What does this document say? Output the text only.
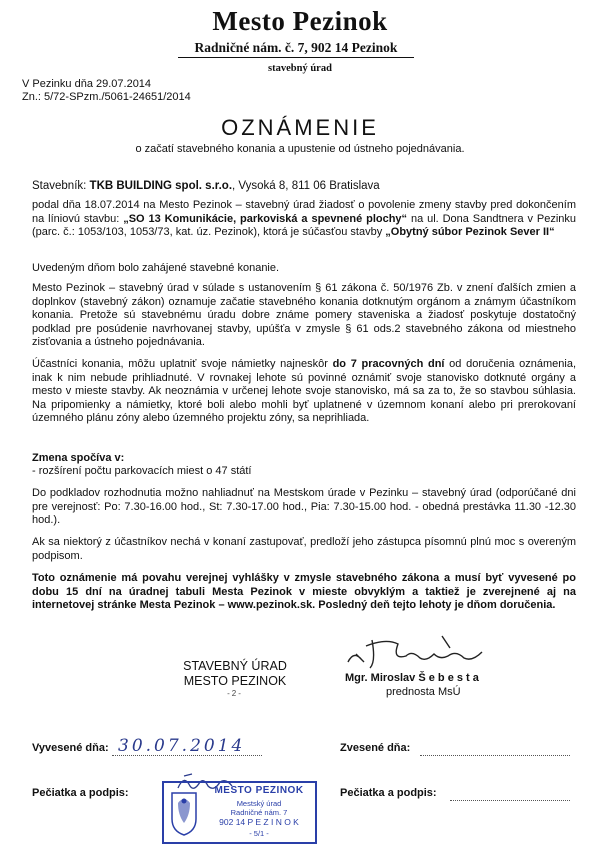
Mesto Pezinok
Radničné nám. č. 7, 902 14 Pezinok
stavebný úrad
V Pezinku dňa 29.07.2014
Zn.: 5/72-SPzm./5061-24651/2014
OZNÁMENIE
o začatí stavebného konania a upustenie od ústneho pojednávania.
Stavebník: TKB BUILDING spol. s.r.o., Vysoká 8, 811 06 Bratislava
podal dňa 18.07.2014 na Mesto Pezinok – stavebný úrad žiadosť o povolenie zmeny stavby pred dokončením na líniovú stavbu: „SO 13 Komunikácie, parkoviská a spevnené plochy“ na ul. Dona Sandtnera v Pezinku (parc. č.: 1053/103, 1053/73, kat. úz. Pezinok), ktorá je súčasťou stavby „Obytný súbor Pezinok Sever II“
Uvedeným dňom bolo zahájené stavebné konanie.
Mesto Pezinok – stavebný úrad v súlade s ustanovením § 61 zákona č. 50/1976 Zb. v znení ďalších zmien a doplnkov (stavebný zákon) oznamuje začatie stavebného konania dotknutým orgánom a známym účastníkom konania. Pretože sú stavebnému úradu dobre známe pomery staveniska a žiadosť poskytuje dostatočný podklad pre posúdenie navrhovanej stavby, upúšťa v zmysle § 61 ods.2 stavebného zákona od miestneho zisťovania a ústneho pojednávania.
Účastníci konania, môžu uplatniť svoje námietky najneskôr do 7 pracovných dní od doručenia oznámenia, inak k nim nebude prihliadnuté. V rovnakej lehote sú povinné oznámiť svoje stanovisko dotknuté orgány a mesto v mieste stavby. Ak neoznámia v určenej lehote svoje stanovisko, má sa za to, že so stavbou súhlasia. Na pripomienky a námietky, ktoré boli alebo mohli byť uplatnené v územnom konaní alebo pri prerokovaní územného plánu zóny alebo územného projektu zóny, sa neprihliada.
Zmena spočíva v:
- rozšírení počtu parkovacích miest o 47 státí
Do podkladov rozhodnutia možno nahliadnuť na Mestskom úrade v Pezinku – stavebný úrad (odporúčané dni pre verejnosť: Po: 7.30-16.00 hod., St: 7.30-17.00 hod., Pia: 7.30-15.00 hod. - obedná prestávka 11.30 -12.30 hod.).
Ak sa niektorý z účastníkov nechá v konaní zastupovať, predloží jeho zástupca písomnú plnú moc s overeným podpisom.
Toto oznámenie má povahu verejnej vyhlášky v zmysle stavebného zákona a musí byť vyvesené po dobu 15 dní na úradnej tabuli Mesta Pezinok v mieste obvyklým a taktiež je zverejnené aj na internetovej stránke Mesta Pezinok – www.pezinok.sk. Posledný deň tejto lehoty je dňom doručenia.
STAVEBNÝ ÚRAD
MESTO PEZINOK
-2-
Mgr. Miroslav Š e b e s t a
prednosta MsÚ
Vyvesené dňa: 30.07.2014	Zvesené dňa:
Pečiatka a podpis:	Pečiatka a podpis:
MESTO PEZINOK
Mestský úrad
Radničné nám. 7
902 14 P E Z I N O K
- 5/1 -
